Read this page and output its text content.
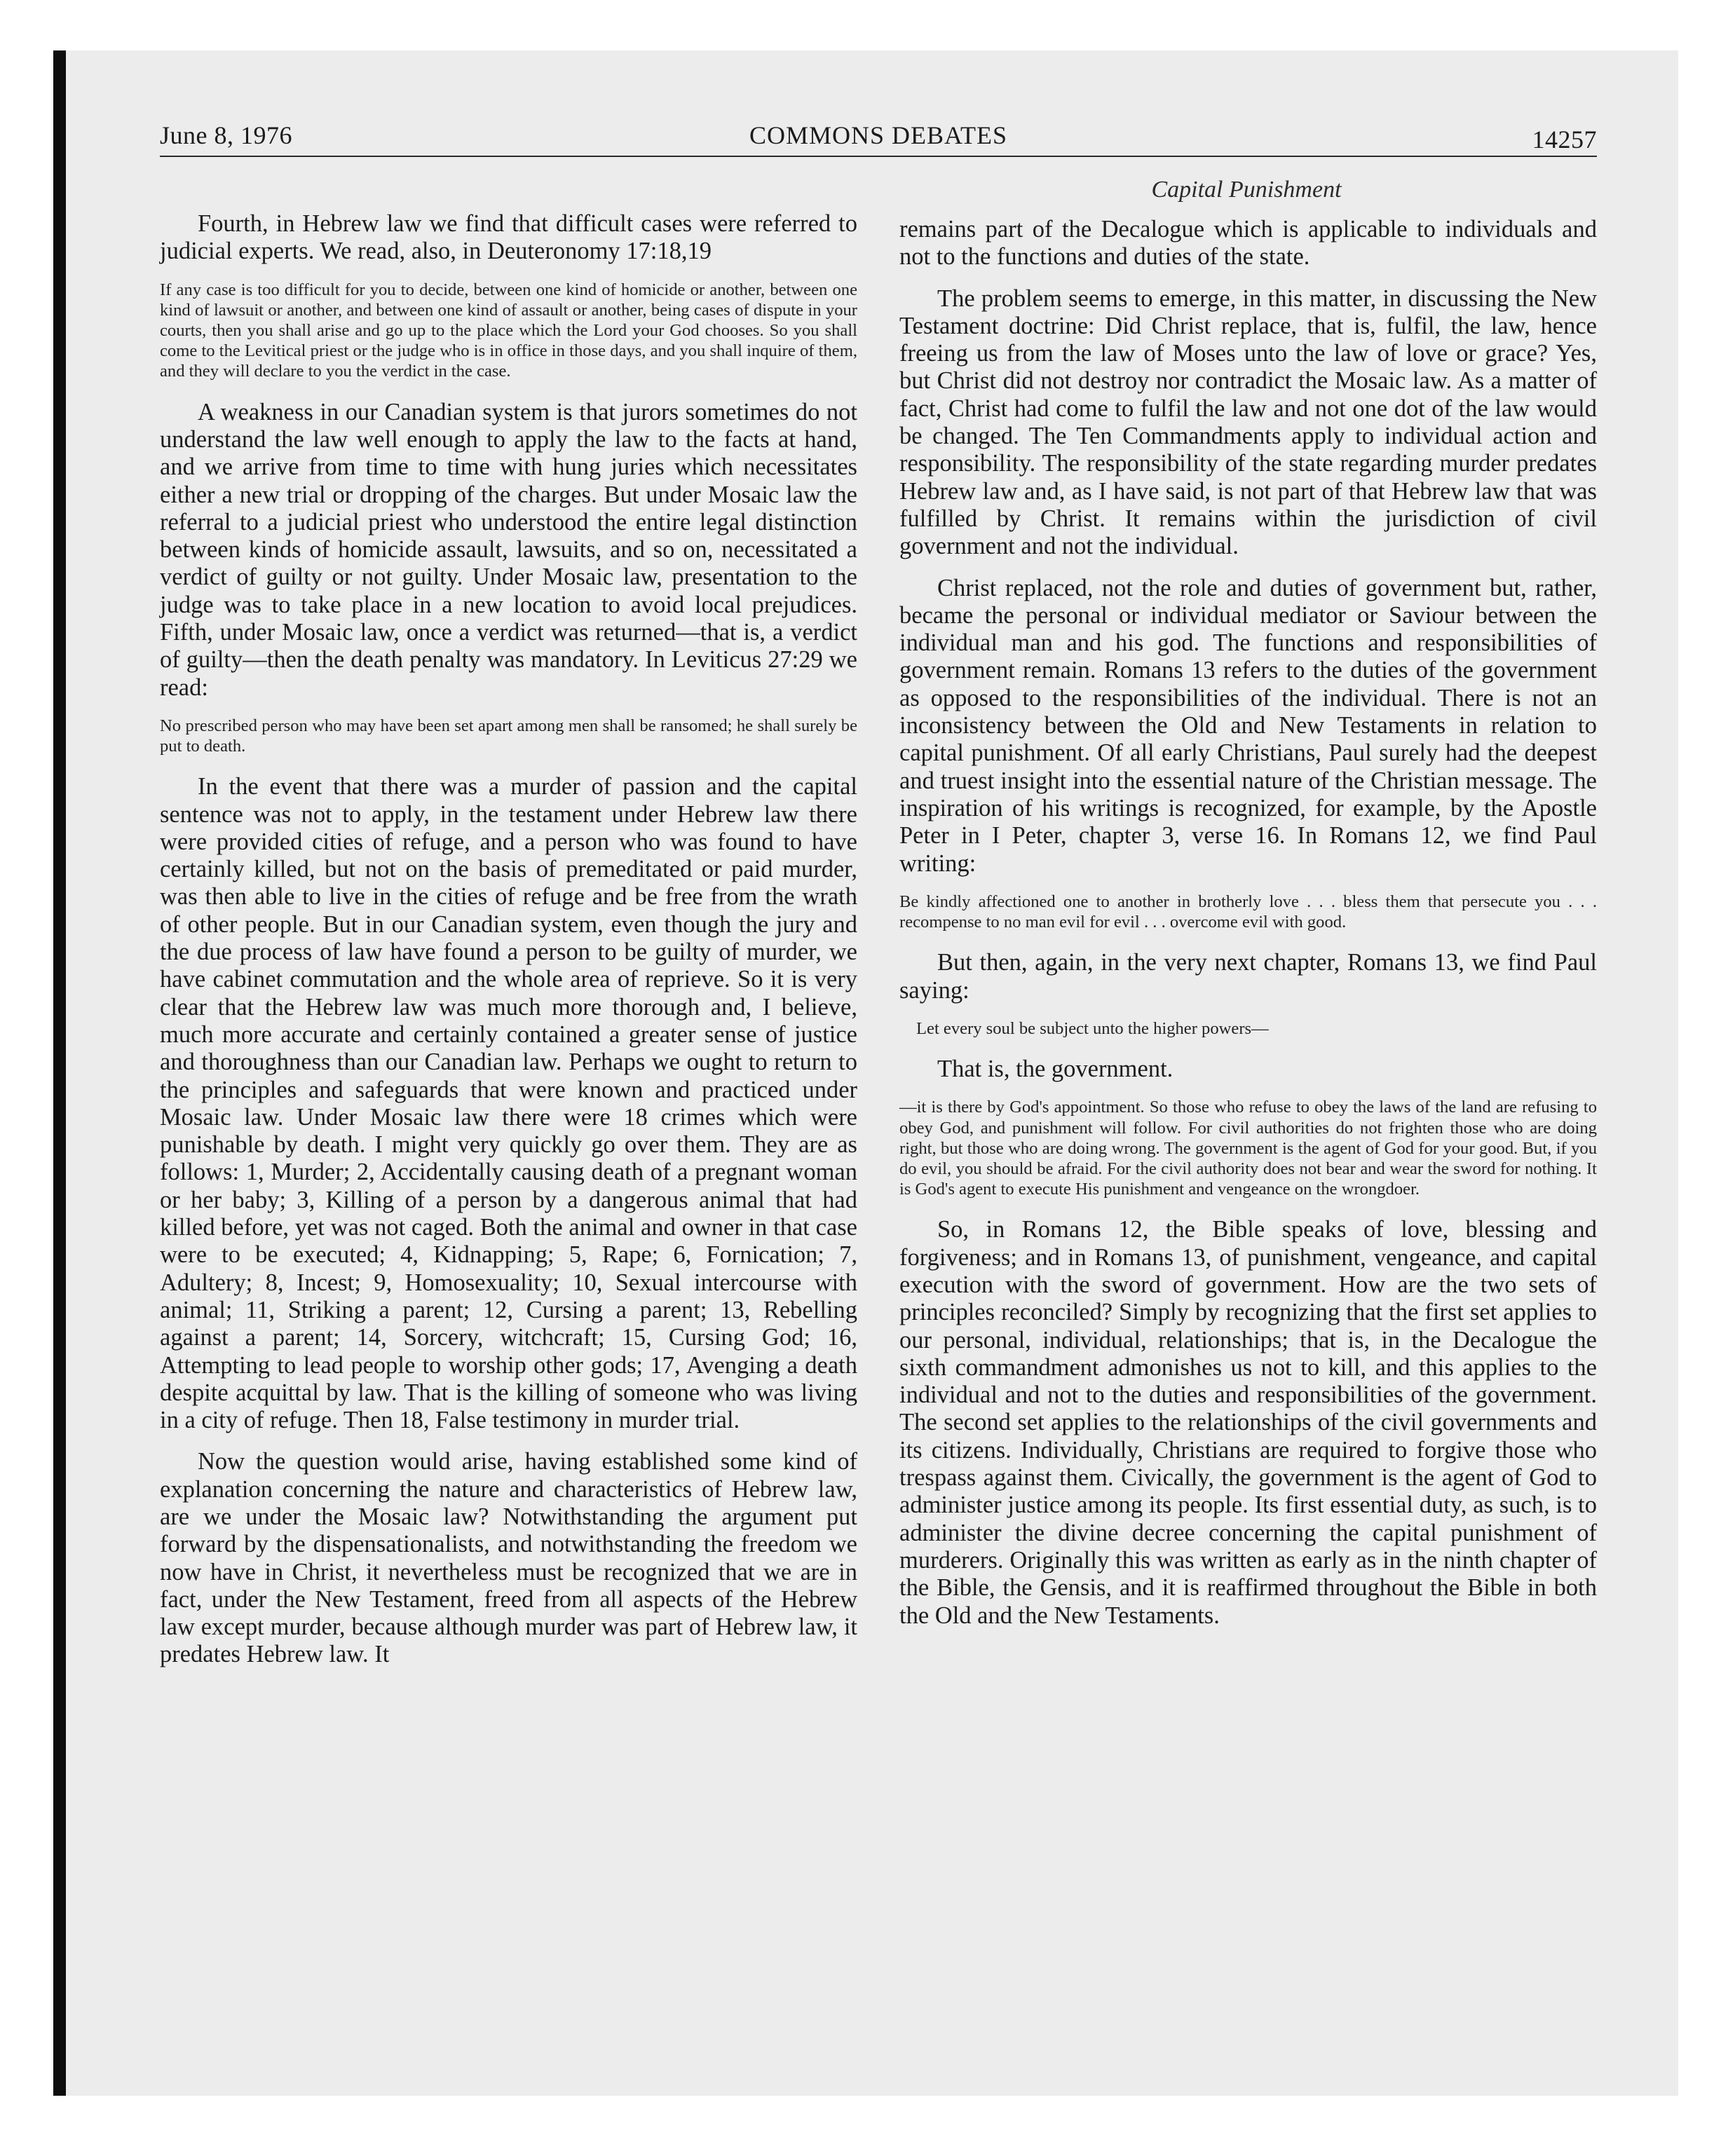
June 8, 1976	COMMONS DEBATES	14257
Capital Punishment

Fourth, in Hebrew law we find that difficult cases were referred to judicial experts. We read, also, in Deuteronomy 17:18,19

If any case is too difficult for you to decide, between one kind of homicide or another, between one kind of lawsuit or another, and between one kind of assault or another, being cases of dispute in your courts, then you shall arise and go up to the place which the Lord your God chooses. So you shall come to the Levitical priest or the judge who is in office in those days, and you shall inquire of them, and they will declare to you the verdict in the case.

A weakness in our Canadian system is that jurors sometimes do not understand the law well enough to apply the law to the facts at hand, and we arrive from time to time with hung juries which necessitates either a new trial or dropping of the charges. But under Mosaic law the referral to a judicial priest who understood the entire legal distinction between kinds of homicide assault, lawsuits, and so on, necessitated a verdict of guilty or not guilty. Under Mosaic law, presentation to the judge was to take place in a new location to avoid local prejudices. Fifth, under Mosaic law, once a verdict was returned—that is, a verdict of guilty—then the death penalty was mandatory. In Leviticus 27:29 we read:

No prescribed person who may have been set apart among men shall be ransomed; he shall surely be put to death.

In the event that there was a murder of passion and the capital sentence was not to apply, in the testament under Hebrew law there were provided cities of refuge, and a person who was found to have certainly killed, but not on the basis of premeditated or paid murder, was then able to live in the cities of refuge and be free from the wrath of other people. But in our Canadian system, even though the jury and the due process of law have found a person to be guilty of murder, we have cabinet commutation and the whole area of reprieve. So it is very clear that the Hebrew law was much more thorough and, I believe, much more accurate and certainly contained a greater sense of justice and thoroughness than our Canadian law. Perhaps we ought to return to the principles and safeguards that were known and practiced under Mosaic law. Under Mosaic law there were 18 crimes which were punishable by death. I might very quickly go over them. They are as follows: 1, Murder; 2, Accidentally causing death of a pregnant woman or her baby; 3, Killing of a person by a dangerous animal that had killed before, yet was not caged. Both the animal and owner in that case were to be executed; 4, Kidnapping; 5, Rape; 6, Fornication; 7, Adultery; 8, Incest; 9, Homosexuality; 10, Sexual intercourse with animal; 11, Striking a parent; 12, Cursing a parent; 13, Rebelling against a parent; 14, Sorcery, witchcraft; 15, Cursing God; 16, Attempting to lead people to worship other gods; 17, Avenging a death despite acquittal by law. That is the killing of someone who was living in a city of refuge. Then 18, False testimony in murder trial.

Now the question would arise, having established some kind of explanation concerning the nature and characteristics of Hebrew law, are we under the Mosaic law? Notwithstanding the argument put forward by the dispensationalists, and notwithstanding the freedom we now have in Christ, it nevertheless must be recognized that we are in fact, under the New Testament, freed from all aspects of the Hebrew law except murder, because although murder was part of Hebrew law, it predates Hebrew law. It

remains part of the Decalogue which is applicable to individuals and not to the functions and duties of the state.

The problem seems to emerge, in this matter, in discussing the New Testament doctrine: Did Christ replace, that is, fulfil, the law, hence freeing us from the law of Moses unto the law of love or grace? Yes, but Christ did not destroy nor contradict the Mosaic law. As a matter of fact, Christ had come to fulfil the law and not one dot of the law would be changed. The Ten Commandments apply to individual action and responsibility. The responsibility of the state regarding murder predates Hebrew law and, as I have said, is not part of that Hebrew law that was fulfilled by Christ. It remains within the jurisdiction of civil government and not the individual.

Christ replaced, not the role and duties of government but, rather, became the personal or individual mediator or Saviour between the individual man and his god. The functions and responsibilities of government remain. Romans 13 refers to the duties of the government as opposed to the responsibilities of the individual. There is not an inconsistency between the Old and New Testaments in relation to capital punishment. Of all early Christians, Paul surely had the deepest and truest insight into the essential nature of the Christian message. The inspiration of his writings is recognized, for example, by the Apostle Peter in I Peter, chapter 3, verse 16. In Romans 12, we find Paul writing:

Be kindly affectioned one to another in brotherly love . . . bless them that persecute you . . . recompense to no man evil for evil . . . overcome evil with good.

But then, again, in the very next chapter, Romans 13, we find Paul saying:

Let every soul be subject unto the higher powers—

That is, the government.

—it is there by God's appointment. So those who refuse to obey the laws of the land are refusing to obey God, and punishment will follow. For civil authorities do not frighten those who are doing right, but those who are doing wrong. The government is the agent of God for your good. But, if you do evil, you should be afraid. For the civil authority does not bear and wear the sword for nothing. It is God's agent to execute His punishment and vengeance on the wrongdoer.

So, in Romans 12, the Bible speaks of love, blessing and forgiveness; and in Romans 13, of punishment, vengeance, and capital execution with the sword of government. How are the two sets of principles reconciled? Simply by recognizing that the first set applies to our personal, individual, relationships; that is, in the Decalogue the sixth commandment admonishes us not to kill, and this applies to the individual and not to the duties and responsibilities of the government. The second set applies to the relationships of the civil governments and its citizens. Individually, Christians are required to forgive those who trespass against them. Civically, the government is the agent of God to administer justice among its people. Its first essential duty, as such, is to administer the divine decree concerning the capital punishment of murderers. Originally this was written as early as in the ninth chapter of the Bible, the Gensis, and it is reaffirmed throughout the Bible in both the Old and the New Testaments.
